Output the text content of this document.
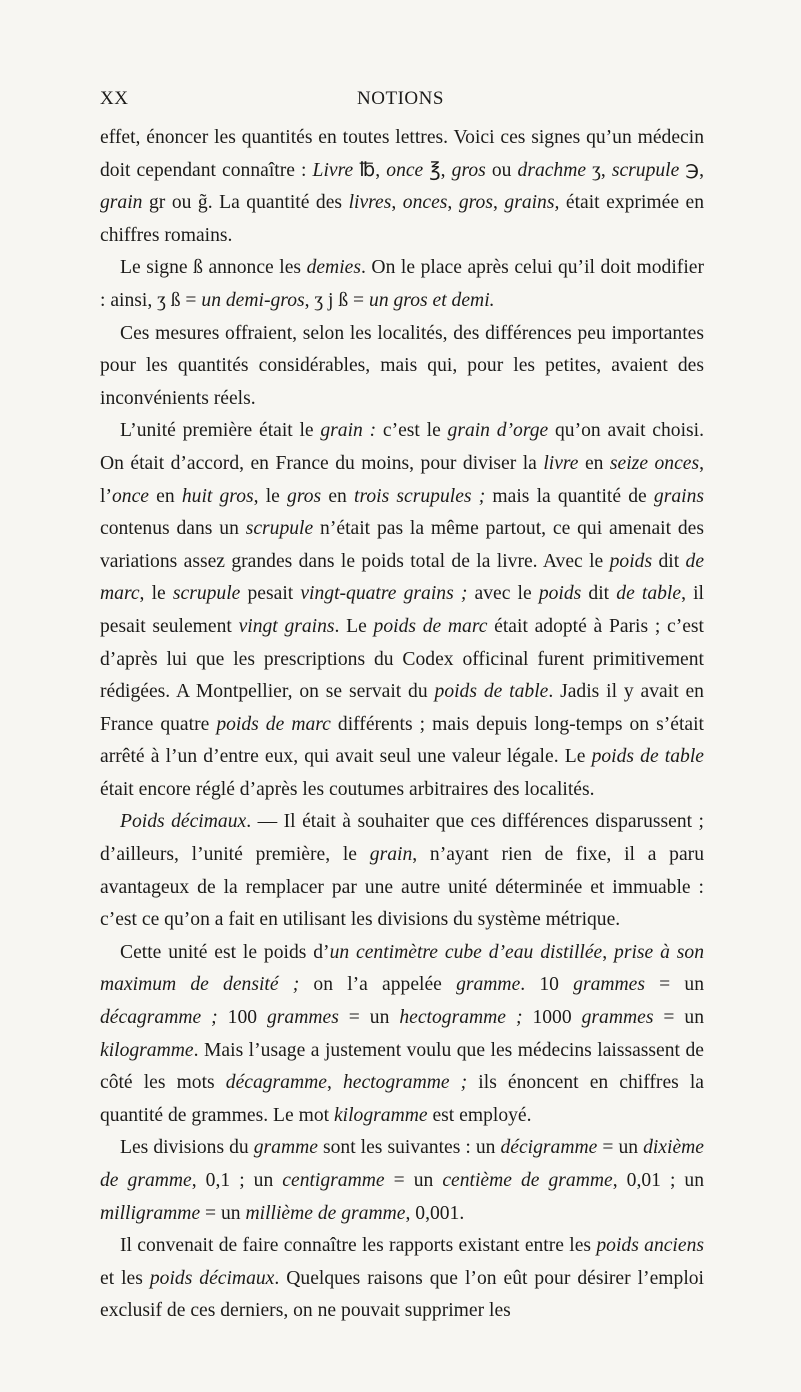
XX	NOTIONS

effet, énoncer les quantités en toutes lettres. Voici ces signes qu’un médecin doit cependant connaître : Livre ℔, once ℥, gros ou drachme ʒ, scrupule ℈, grain gr ou g̃. La quantité des livres, onces, gros, grains, était exprimée en chiffres romains.

Le signe ß annonce les demies. On le place après celui qu’il doit modifier : ainsi, ʒ ß = un demi-gros, ʒ j ß = un gros et demi.

Ces mesures offraient, selon les localités, des différences peu importantes pour les quantités considérables, mais qui, pour les petites, avaient des inconvénients réels.

L’unité première était le grain : c’est le grain d’orge qu’on avait choisi. On était d’accord, en France du moins, pour diviser la livre en seize onces, l’once en huit gros, le gros en trois scrupules ; mais la quantité de grains contenus dans un scrupule n’était pas la même partout, ce qui amenait des variations assez grandes dans le poids total de la livre. Avec le poids dit de marc, le scrupule pesait vingt-quatre grains ; avec le poids dit de table, il pesait seulement vingt grains. Le poids de marc était adopté à Paris ; c’est d’après lui que les prescriptions du Codex officinal furent primitivement rédigées. A Montpellier, on se servait du poids de table. Jadis il y avait en France quatre poids de marc différents ; mais depuis long-temps on s’était arrêté à l’un d’entre eux, qui avait seul une valeur légale. Le poids de table était encore réglé d’après les coutumes arbitraires des localités.

Poids décimaux. — Il était à souhaiter que ces différences disparussent ; d’ailleurs, l’unité première, le grain, n’ayant rien de fixe, il a paru avantageux de la remplacer par une autre unité déterminée et immuable : c’est ce qu’on a fait en utilisant les divisions du système métrique.

Cette unité est le poids d’un centimètre cube d’eau distillée, prise à son maximum de densité ; on l’a appelée gramme. 10 grammes = un décagramme ; 100 grammes = un hectogramme ; 1000 grammes = un kilogramme. Mais l’usage a justement voulu que les médecins laissassent de côté les mots décagramme, hectogramme ; ils énoncent en chiffres la quantité de grammes. Le mot kilogramme est employé.

Les divisions du gramme sont les suivantes : un décigramme = un dixième de gramme, 0,1 ; un centigramme = un centième de gramme, 0,01 ; un milligramme = un millième de gramme, 0,001.

Il convenait de faire connaître les rapports existant entre les poids anciens et les poids décimaux. Quelques raisons que l’on eût pour désirer l’emploi exclusif de ces derniers, on ne pouvait supprimer les
